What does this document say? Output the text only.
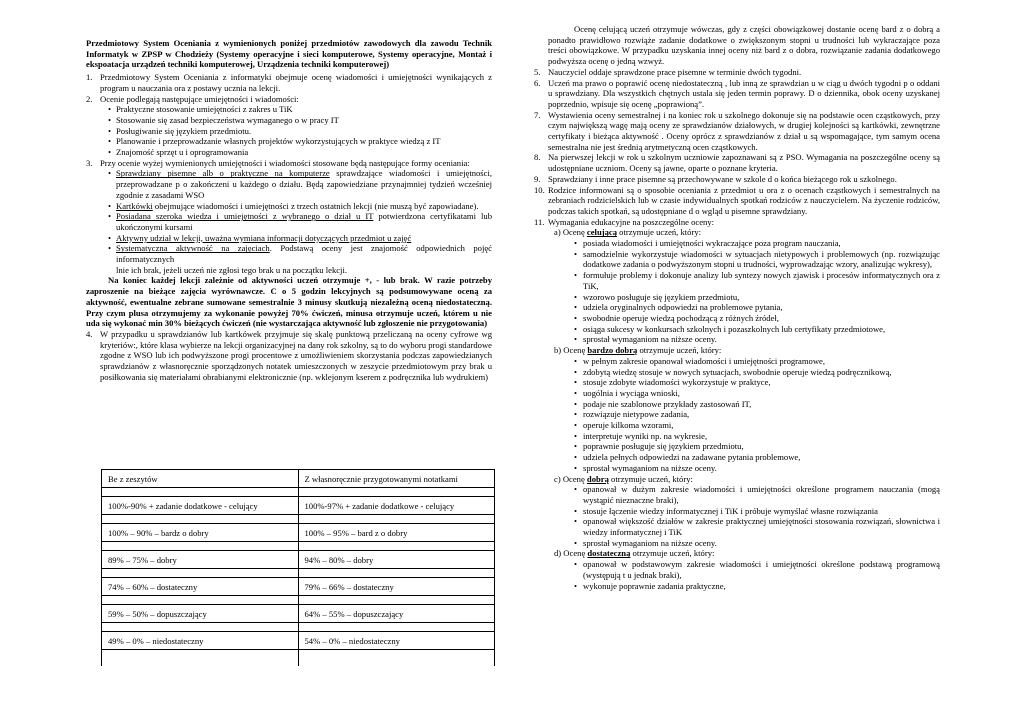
Przedmiotowy System Oceniania z wymienionych poniżej przedmiotów zawodowych dla zawodu Technik Informatyk w ZPSP w Chodzieży (Systemy operacyjne i sieci komputerowe, Systemy operacyjne, Montaż i ekspoatacja urządzeń techniki komputerowej, Urządzenia techniki komputerowej)

1. Przedmiotowy System Oceniania z informatyki obejmuje ocenę wiadomości i umiejętności wynikających z program u nauczania ora z postawy ucznia na lekcji.
2. Ocenie podlegają następujące umiejętności i wiadomości:
• Praktyczne stosowanie umiejętności z zakres u TiK
• Stosowanie się zasad bezpieczeństwa wymaganego o w pracy IT
• Posługiwanie się językiem przedmiotu.
• Planowanie i przeprowadzanie własnych projektów wykorzystujących w praktyce wiedzą z IT
• Znajomość sprzęt u i oprogramowania
3. Przy ocenie wyżej wymienionych umiejętności i wiadomości stosowane będą następujące formy oceniania:
• Sprawdziany pisemne alb o praktyczne na komputerze sprawdzające wiadomości i umiejętności, przeprowadzane p o zakończeni u każdego o działu. Będą zapowiedziane przynajmniej tydzień wcześniej zgodnie z zasadami WSO
• Kartkówki obejmujące wiadomości i umiejętności z trzech ostatnich lekcji (nie muszą być zapowiadane).
• Posiadana szeroka wiedza i umiejętności z wybranego o dział u IT potwierdzona certyfikatami lub ukończonymi kursami
• Aktywny udział w lekcji, uważna wymiana informacji dotyczących przedmiot u zajęć
• Systematyczna aktywność na zajęciach. Podstawą oceny jest znajomość odpowiednich pojęć informatycznych

lnie ich brak, jeżeli uczeń nie zgłosi tego brak u na początku lekcji.

Na koniec każdej lekcji zależnie od aktywności uczeń otrzymuje +, - lub brak. W razie potrzeby zaproszenie na bieżące zajęcia wyrównawcze. C o 5 godzin lekcyjnych są podsumowywane oceną za aktywność, ewentualne zebrane sumowane semestralnie 3 minusy skutkują niezależną oceną niedostateczną. Przy czym plusa otrzymujemy za wykonanie powyżej 70% ćwiczeń, minusa otrzymuje uczeń, którem u nie uda się wykonać min 30% bieżących ćwiczeń (nie wystarczająca aktywność lub zgłoszenie nie przygotowania)

4. W przypadku u sprawdzianów lub kartkówek przyjmuje się skalę punktową przeliczaną na oceny cyfrowe wg kryteriów:, które klasa wybierze na lekcji organizacyjnej na dany rok szkolny, są to do wyboru progi standardowe zgodne z WSO lub ich podwyższone progi procentowe z umożliwieniem skorzystania podczas zapowiedzianych sprawdzianów z własnoręcznie sporządzonych notatek umieszczonych w zeszycie przedmiotowym przy brak u posiłkowania się materiałami obrabianymi elektronicznie (np. wklejonym kserem z podręcznika lub wydrukiem)
Be z zeszytów	Z własnoręcznie przygotowanymi notatkami

100%-90% + zadanie dodatkowe - celujący	100%-97% + zadanie dodatkowe - celujący

100% – 90% – bardz o dobry	100% – 95% – bard z o dobry

89% – 75% – dobry	94% – 80% – dobry

74% – 60% – dostateczny	79% – 66% – dostateczny

59% – 50% – dopuszczający	64% – 55% – dopuszczający

49% – 0% – niedostateczny	54% – 0% – niedostateczny

Ocenę celującą uczeń otrzymuje wówczas, gdy z części obowiązkowej dostanie ocenę bard z o dobrą a ponadto prawidłowo rozwiąże zadanie dodatkowe o zwiększonym stopni u trudności lub wykraczające poza treści obowiązkowe. W przypadku uzyskania innej oceny niż bard z o dobra, rozwiązanie zadania dodatkowego podwyższa ocenę o jedną wzwyż.

5. Nauczyciel oddaje sprawdzone prace pisemne w terminie dwóch tygodni.
6. Uczeń ma prawo o poprawić ocenę niedostateczną , lub inną ze sprawdzian u w ciąg u dwóch tygodni p o oddani u sprawdziany. Dla wszystkich chętnych ustala się jeden termin poprawy. D o dziennika, obok oceny uzyskanej poprzednio, wpisuje się ocenę „poprawioną”.
7. Wystawienia oceny semestralnej i na koniec rok u szkolnego dokonuje się na podstawie ocen cząstkowych, przy czym największą wagę mają oceny ze sprawdzianów działowych, w drugiej kolejności są kartkówki, zewnętrzne certyfikaty i bieżąca aktywność . Oceny oprócz z sprawdzianów z dział u są wspomagające, tym samym ocena semestralna nie jest średnią arytmetyczną ocen cząstkowych.
8. Na pierwszej lekcji w rok u szkolnym uczniowie zapoznawani są z PSO. Wymagania na poszczególne oceny są udostępniane uczniom. Oceny są jawne, oparte o poznane kryteria.
9. Sprawdziany i inne prace pisemne są przechowywane w szkole d o końca bieżącego rok u szkolnego.
10. Rodzice informowani są o sposobie oceniania z przedmiot u ora z o ocenach cząstkowych i semestralnych na zebraniach rodzicielskich lub w czasie indywidualnych spotkań rodziców z nauczycielem. Na życzenie rodziców, podczas takich spotkań, są udostępniane d o wgląd u pisemne sprawdziany.
11. Wymagania edukacyjne na poszczególne oceny:
a) Ocenę celującą otrzymuje uczeń, który:
• posiada wiadomości i umiejętności wykraczające poza program nauczania,
• samodzielnie wykorzystuje wiadomości w sytuacjach nietypowych i problemowych (np. rozwiązując dodatkowe zadania o podwyższonym stopni u trudności, wyprowadzając wzory, analizując wykresy),
• formułuje problemy i dokonuje analizy lub syntezy nowych zjawisk i procesów informatycznych ora z TiK,
• wzorowo posługuje się językiem przedmiotu,
• udziela oryginalnych odpowiedzi na problemowe pytania,
• swobodnie operuje wiedzą pochodzącą z różnych źródeł,
• osiąga sukcesy w konkursach szkolnych i pozaszkolnych lub certyfikaty przedmiotowe,
• sprostał wymaganiom na niższe oceny.
b) Ocenę bardzo dobrą otrzymuje uczeń, który:
• w pełnym zakresie opanował wiadomości i umiejętności programowe,
• zdobytą wiedzę stosuje w nowych sytuacjach, swobodnie operuje wiedzą podręcznikową,
• stosuje zdobyte wiadomości wykorzystuje w praktyce,
• uogólnia i wyciąga wnioski,
• podaje nie szablonowe przykłady zastosowań IT,
• rozwiązuje nietypowe zadania,
• operuje kilkoma wzorami,
• interpretuje wyniki np. na wykresie,
• poprawnie posługuje się językiem przedmiotu,
• udziela pełnych odpowiedzi na zadawane pytania problemowe,
• sprostał wymaganiom na niższe oceny.
c) Ocenę dobrą otrzymuje uczeń, który:
• opanował w dużym zakresie wiadomości i umiejętności określone programem nauczania (mogą wystąpić nieznaczne braki),
• stosuje łączenie wiedzy informatycznej i TiK i próbuje wymyślać własne rozwiązania
• opanował większość działów w zakresie praktycznej umiejętności stosowania rozwiązań, słownictwa i wiedzy informatycznej i TiK
• sprostał wymaganiom na niższe oceny.
d) Ocenę dostateczną otrzymuje uczeń, który:
• opanował w podstawowym zakresie wiadomości i umiejętności określone podstawą programową (występują t u jednak braki),
• wykonuje poprawnie zadania praktyczne,
